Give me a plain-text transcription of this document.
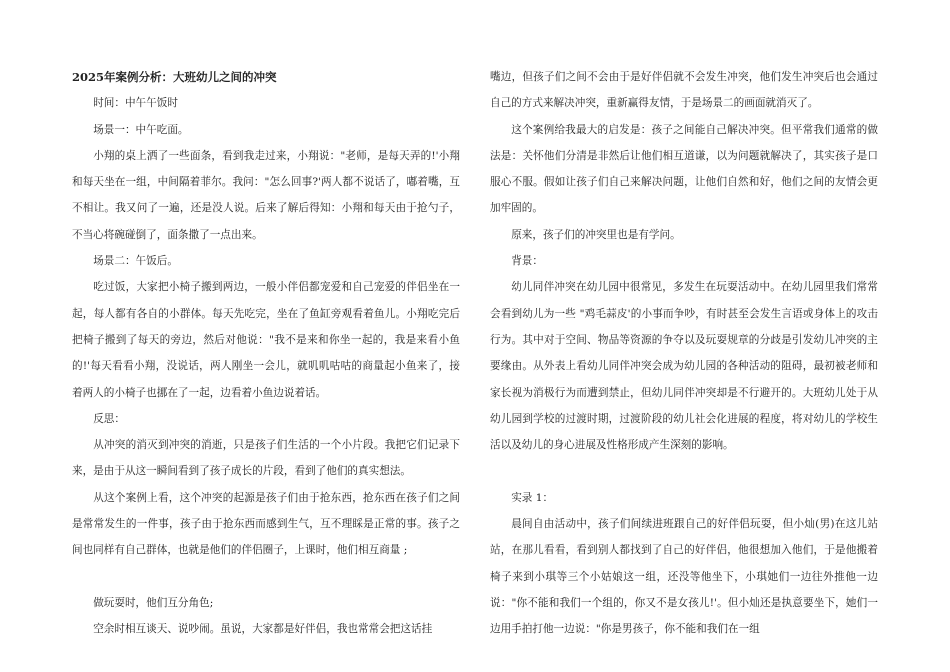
2025年案例分析：大班幼儿之间的冲突

时间：中午午饭时

场景一：中午吃面。

小翔的桌上洒了一些面条，看到我走过来，小翔说："老师，是每天弄的!'小翔和每天坐在一组，中间隔着菲尔。我问："怎么回事?'两人都不说话了，嘟着嘴，互不相让。我又问了一遍，还是没人说。后来了解后得知：小翔和每天由于抢勺子，不当心将碗碰倒了，面条撒了一点出来。

场景二：午饭后。

吃过饭，大家把小椅子搬到两边，一般小伴侣都宠爱和自己宠爱的伴侣坐在一起，每人都有各自的小群体。每天先吃完，坐在了鱼缸旁观看着鱼儿。小翔吃完后把椅子搬到了每天的旁边，然后对他说："我不是来和你坐一起的，我是来看小鱼的!'每天看看小翔，没说话，两人刚坐一会儿，就叽叽咕咕的商量起小鱼来了，接着两人的小椅子也挪在了一起，边看着小鱼边说着话。

反思：

从冲突的消灭到冲突的消逝，只是孩子们生活的一个小片段。我把它们记录下来，是由于从这一瞬间看到了孩子成长的片段，看到了他们的真实想法。

从这个案例上看，这个冲突的起源是孩子们由于抢东西，抢东西在孩子们之间是常常发生的一件事，孩子由于抢东西而感到生气，互不理睬是正常的事。孩子之间也同样有自己群体，也就是他们的伴侣圈子，上课时，他们相互商量 ;

做玩耍时，他们互分角色;

空余时相互谈天、说吵闹。虽说，大家都是好伴侣，我也常常会把这话挂

嘴边，但孩子们之间不会由于是好伴侣就不会发生冲突，他们发生冲突后也会通过自己的方式来解决冲突，重新赢得友情，于是场景二的画面就消灭了。

这个案例给我最大的启发是：孩子之间能自己解决冲突。但平常我们通常的做法是：关怀他们分清是非然后让他们相互道谦，以为问题就解决了，其实孩子是口服心不服。假如让孩子们自己来解决问题，让他们自然和好，他们之间的友情会更加牢固的。

原来，孩子们的冲突里也是有学问。

背景：

幼儿同伴冲突在幼儿园中很常见，多发生在玩耍活动中。在幼儿园里我们常常会看到幼儿为一些 "鸡毛蒜皮'的小事而争吵，有时甚至会发生言语或身体上的攻击行为。其中对于空间、物品等资源的争夺以及玩耍规章的分歧是引发幼儿冲突的主要缘由。从外表上看幼儿同伴冲突会成为幼儿园的各种活动的阻碍，最初被老师和家长视为消极行为而遭到禁止，但幼儿同伴冲突却是不行避开的。大班幼儿处于从幼儿园到学校的过渡时期，过渡阶段的幼儿社会化进展的程度，将对幼儿的学校生活以及幼儿的身心进展及性格形成产生深刻的影响。

实录 1：

晨间自由活动中，孩子们间续进班跟自己的好伴侣玩耍，但小灿(男)在这儿站站，在那儿看看，看到别人都找到了自己的好伴侣，他很想加入他们，于是他搬着椅子来到小琪等三个小姑娘这一组，还没等他坐下，小琪她们一边往外推他一边说："你不能和我们一个组的，你又不是女孩儿!'。但小灿还是执意要坐下，她们一边用手拍打他一边说："你是男孩子，你不能和我们在一组
